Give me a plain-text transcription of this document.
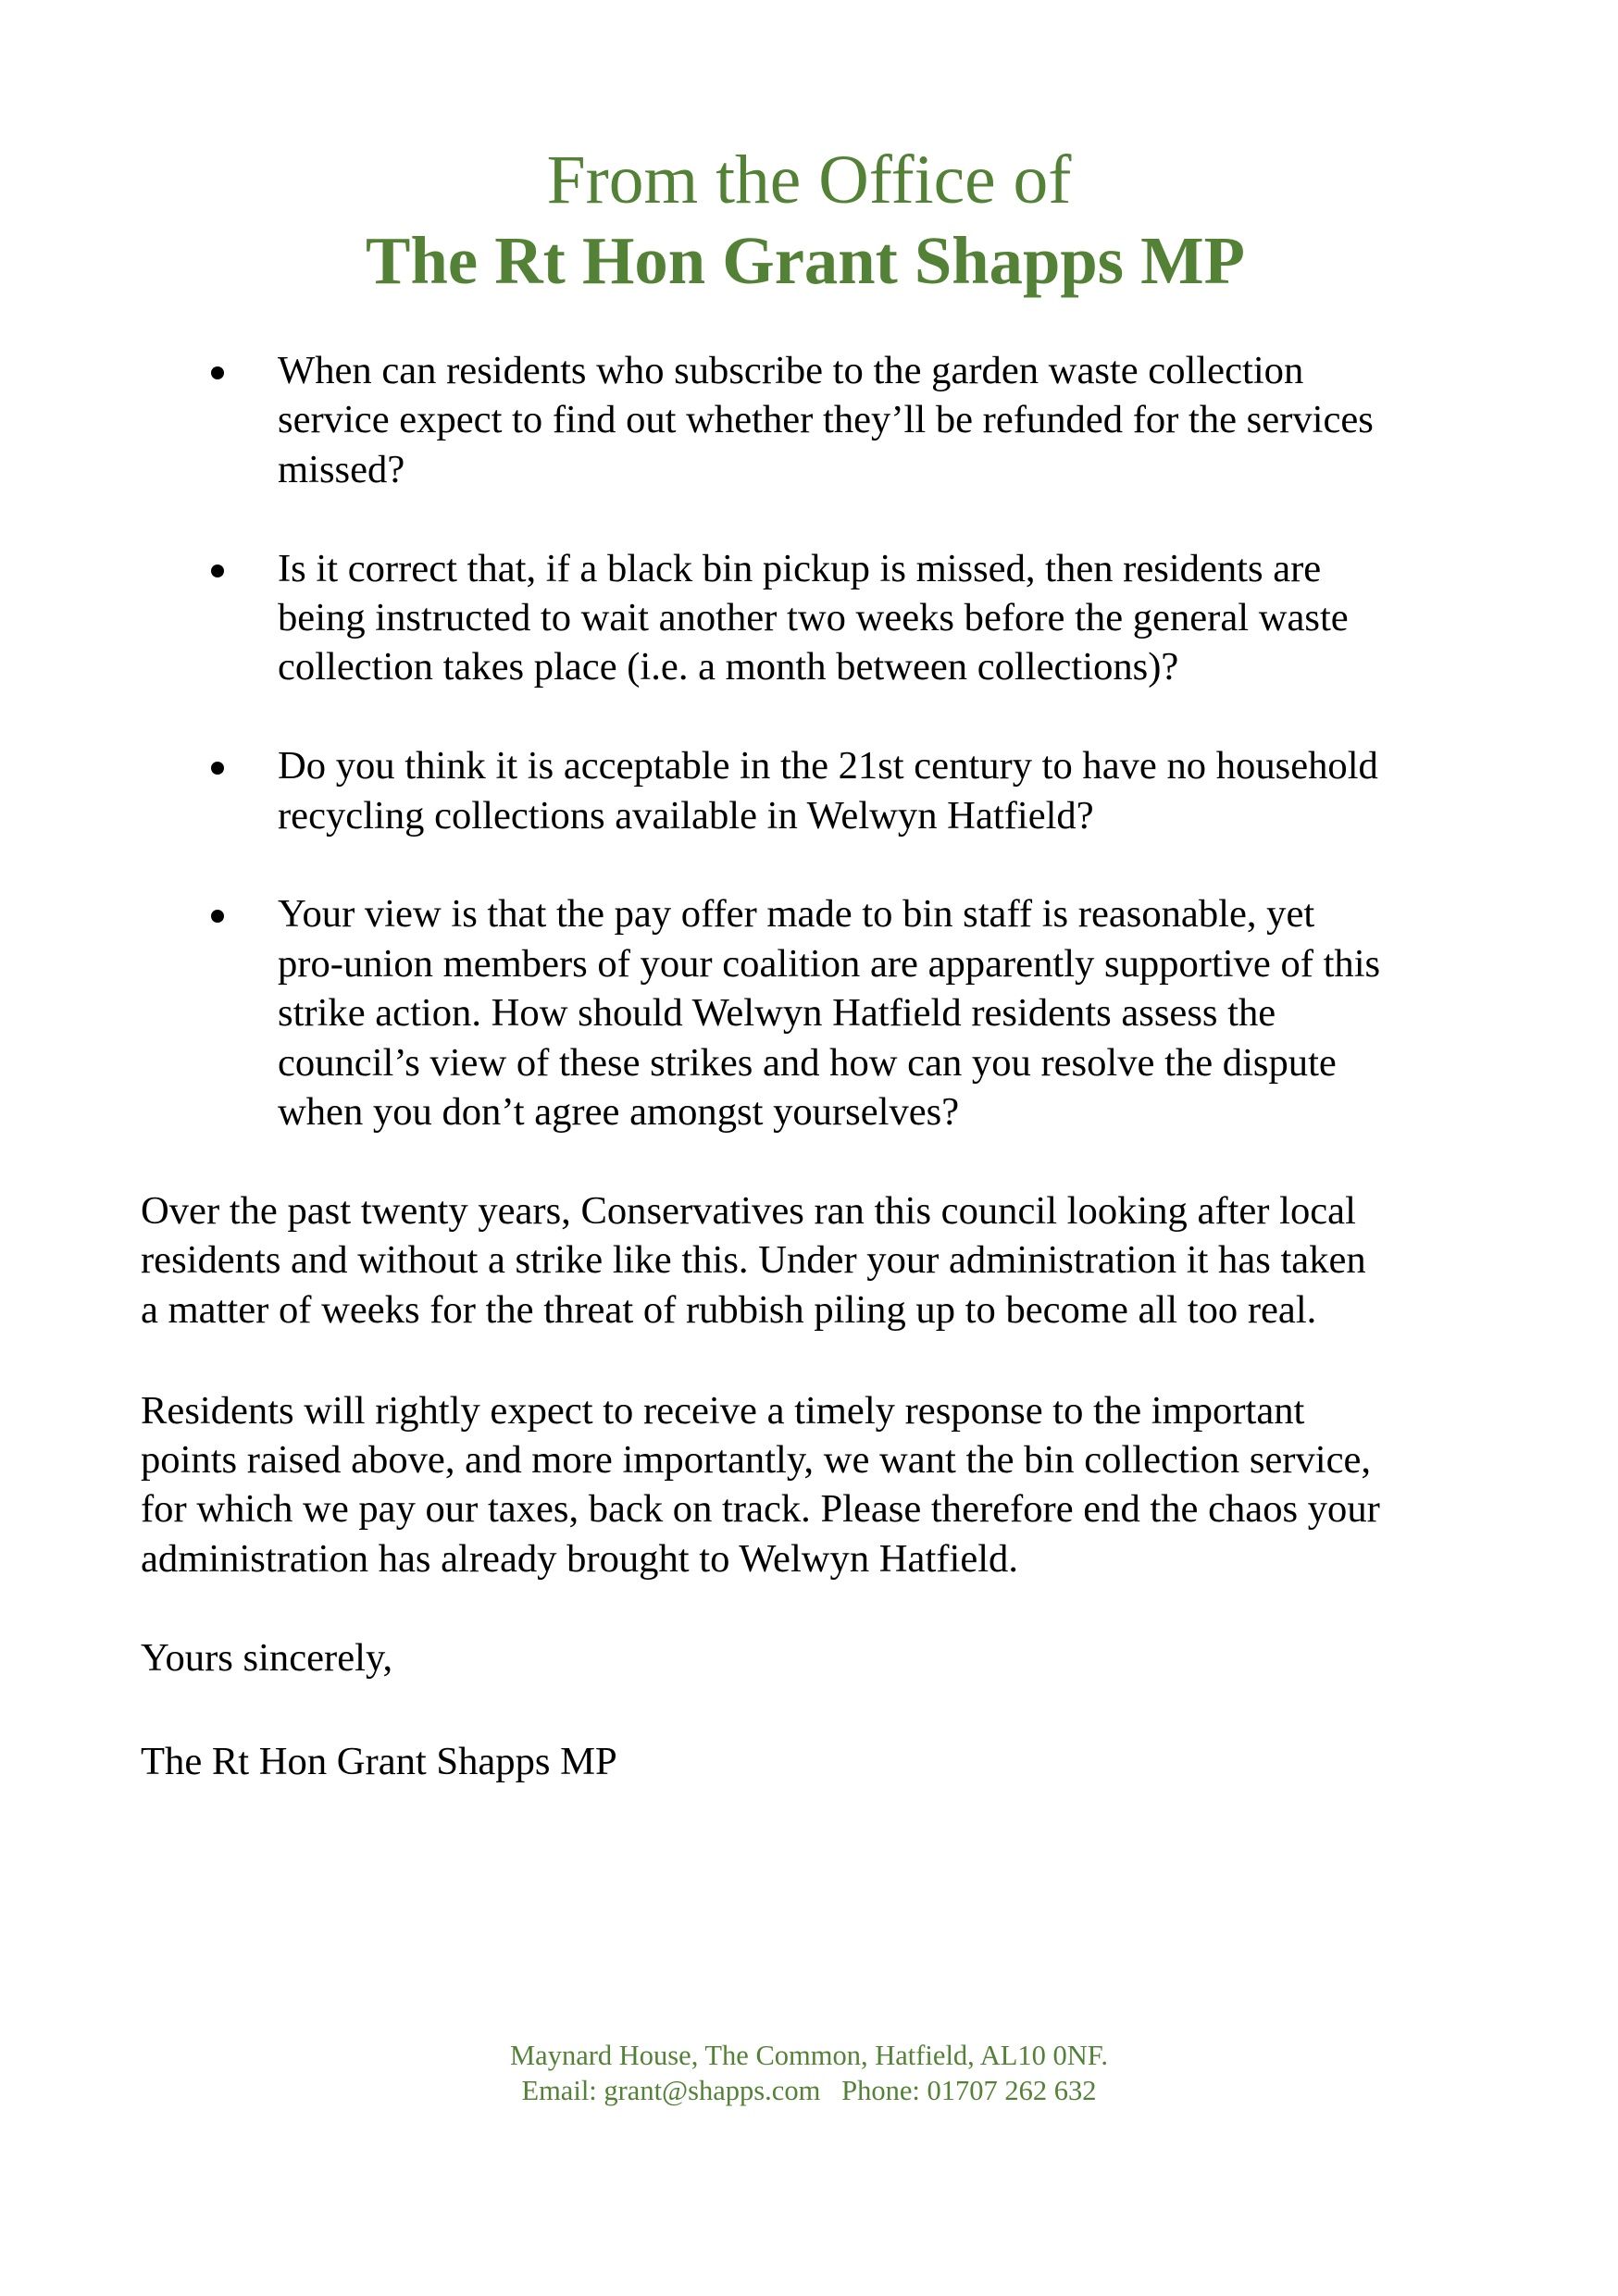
From the Office of
The Rt Hon Grant Shapps MP
When can residents who subscribe to the garden waste collection
service expect to find out whether they’ll be refunded for the services
missed?
Is it correct that, if a black bin pickup is missed, then residents are
being instructed to wait another two weeks before the general waste
collection takes place (i.e. a month between collections)?
Do you think it is acceptable in the 21st century to have no household
recycling collections available in Welwyn Hatfield?
Your view is that the pay offer made to bin staff is reasonable, yet
pro-union members of your coalition are apparently supportive of this
strike action. How should Welwyn Hatfield residents assess the
council’s view of these strikes and how can you resolve the dispute
when you don’t agree amongst yourselves?
Over the past twenty years, Conservatives ran this council looking after local
residents and without a strike like this. Under your administration it has taken
a matter of weeks for the threat of rubbish piling up to become all too real.
Residents will rightly expect to receive a timely response to the important
points raised above, and more importantly, we want the bin collection service,
for which we pay our taxes, back on track. Please therefore end the chaos your
administration has already brought to Welwyn Hatfield.
Yours sincerely,
The Rt Hon Grant Shapps MP
Maynard House, The Common, Hatfield, AL10 0NF.
Email: grant@shapps.com   Phone: 01707 262 632
